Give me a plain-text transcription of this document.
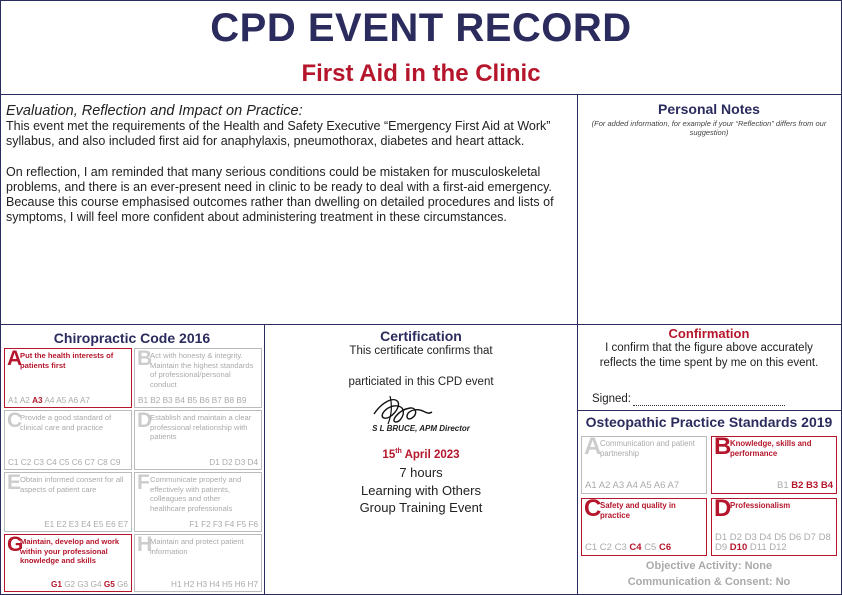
CPD EVENT RECORD
First Aid in the Clinic
Evaluation, Reflection and Impact on Practice:

This event met the requirements of the Health and Safety Executive “Emergency First Aid at Work” syllabus, and also included first aid for anaphylaxis, pneumothorax, diabetes and heart attack.

On reflection, I am reminded that many serious conditions could be mistaken for musculoskeletal problems, and there is an ever-present need in clinic to be ready to deal with a first-aid emergency. Because this course emphasised outcomes rather than dwelling on detailed procedures and lists of symptoms, I will feel more confident about administering treatment in these circumstances.

Personal Notes
(For added information, for example if your “Reflection” differs from our suggestion)
Chiropractic Code 2016
A
Put the health interests of patients first
A1 A2 A3 A4 A5 A6 A7
B
Act with honesty & integrity. Maintain the highest standards of professional/personal conduct
B1 B2 B3 B4 B5 B6 B7 B8 B9
C
Provide a good standard of clinical care and practice
C1 C2 C3 C4 C5 C6 C7 C8 C9
D
Establish and maintain a clear professional relationship with patients
D1 D2 D3 D4
E
Obtain informed consent for all aspects of patient care
E1 E2 E3 E4 E5 E6 E7
F Communicate properly and effectively with patients, colleagues and other healthcare professionals
F1 F2 F3 F4 F5 F6
G
Maintain, develop and work within your professional knowledge and skills
G1 G2 G3 G4 G5 G6
H
Maintain and protect patient information
H1 H2 H3 H4 H5 H6 H7
Certification
This certificate confirms that
particiated in this CPD event
S L BRUCE, APM Director
15th April 2023
7 hours
Learning with Others
Group Training Event
Confirmation
I confirm that the figure above accurately reflects the time spent by me on this event.
Signed:
Osteopathic Practice Standards 2019
A
Communication and patient partnership
A1 A2 A3 A4 A5 A6 A7
B
Knowledge, skills and performance
B1 B2 B3 B4
C
Safety and quality in practice
C1 C2 C3 C4 C5 C6
D
Professionalism
D1 D2 D3 D4 D5 D6 D7 D8 D9 D10 D11 D12
Objective Activity: None
Communication & Consent: No
